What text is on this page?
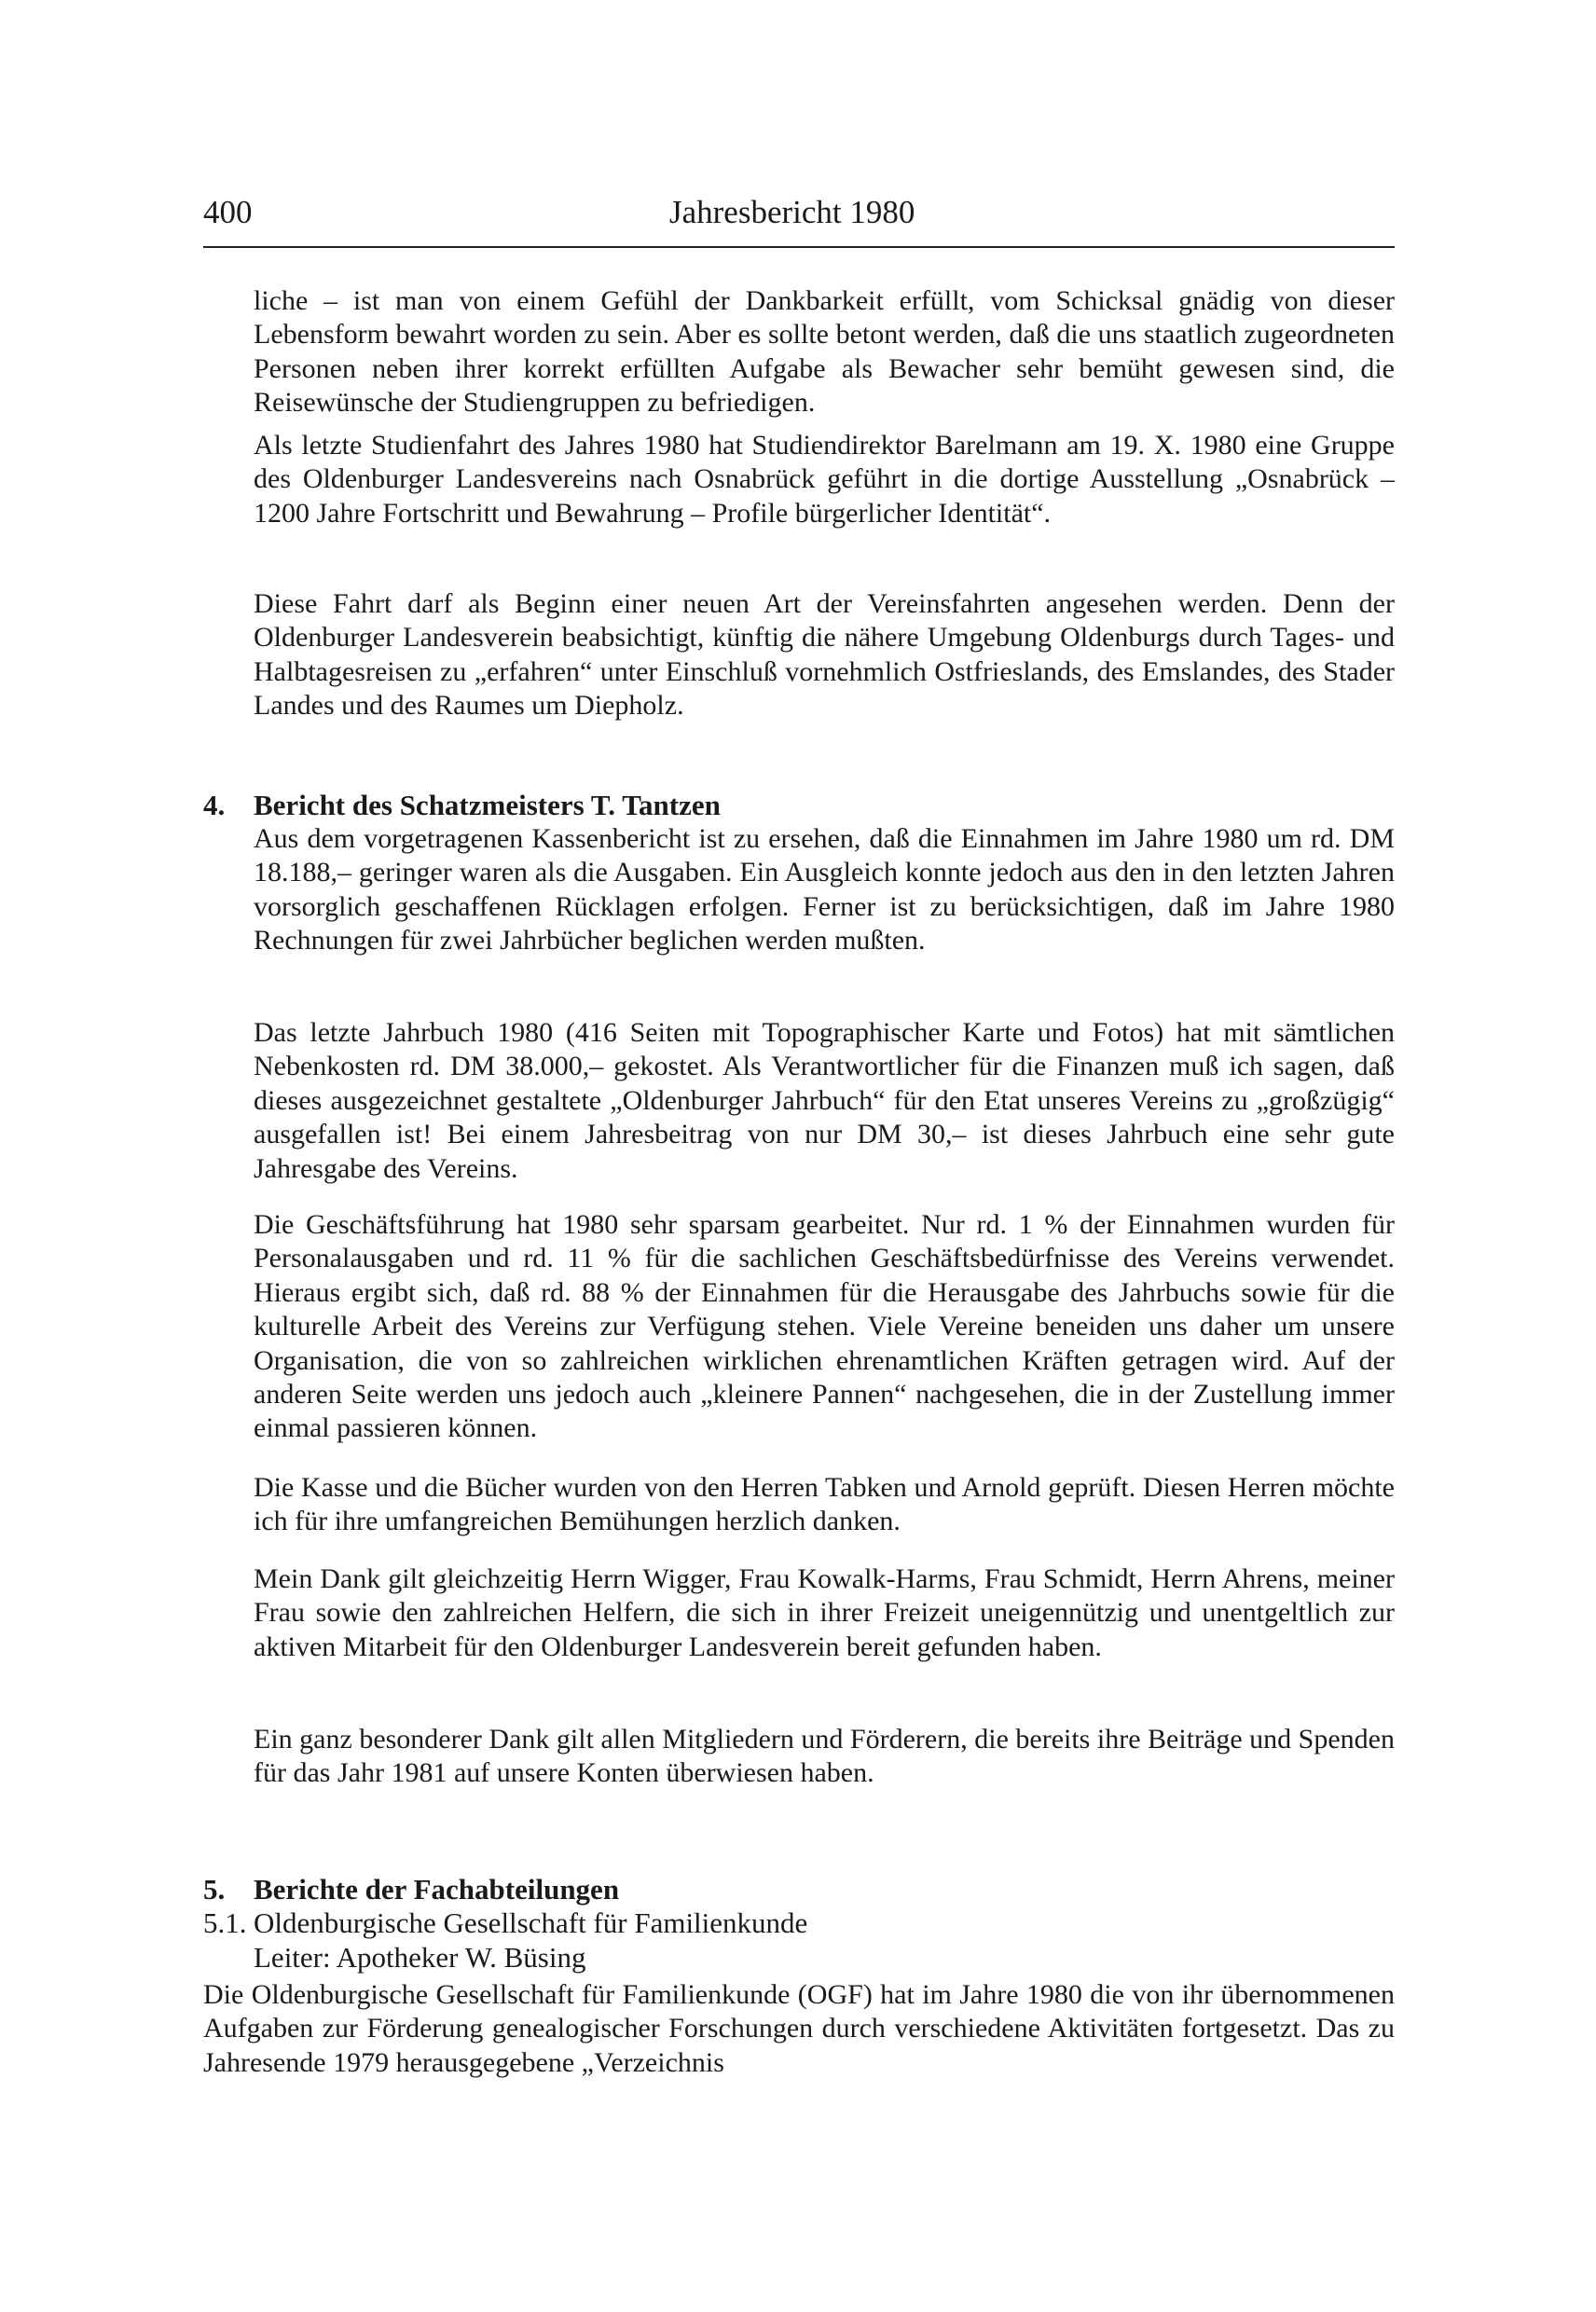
400	Jahresbericht 1980

liche – ist man von einem Gefühl der Dankbarkeit erfüllt, vom Schicksal gnädig von dieser Lebensform bewahrt worden zu sein. Aber es sollte betont werden, daß die uns staatlich zugeordneten Personen neben ihrer korrekt erfüllten Aufgabe als Bewacher sehr bemüht gewesen sind, die Reisewünsche der Studiengruppen zu befriedigen.

Als letzte Studienfahrt des Jahres 1980 hat Studiendirektor Barelmann am 19. X. 1980 eine Gruppe des Oldenburger Landesvereins nach Osnabrück geführt in die dortige Ausstellung „Osnabrück – 1200 Jahre Fortschritt und Bewahrung – Profile bürgerlicher Identität“.

Diese Fahrt darf als Beginn einer neuen Art der Vereinsfahrten angesehen werden. Denn der Oldenburger Landesverein beabsichtigt, künftig die nähere Umgebung Oldenburgs durch Tages- und Halbtagesreisen zu „erfahren“ unter Einschluß vornehmlich Ostfrieslands, des Emslandes, des Stader Landes und des Raumes um Diepholz.

4. Bericht des Schatzmeisters T. Tantzen

Aus dem vorgetragenen Kassenbericht ist zu ersehen, daß die Einnahmen im Jahre 1980 um rd. DM 18.188,– geringer waren als die Ausgaben. Ein Ausgleich konnte jedoch aus den in den letzten Jahren vorsorglich geschaffenen Rücklagen erfolgen. Ferner ist zu berücksichtigen, daß im Jahre 1980 Rechnungen für zwei Jahrbücher beglichen werden mußten.

Das letzte Jahrbuch 1980 (416 Seiten mit Topographischer Karte und Fotos) hat mit sämtlichen Nebenkosten rd. DM 38.000,– gekostet. Als Verantwortlicher für die Finanzen muß ich sagen, daß dieses ausgezeichnet gestaltete „Oldenburger Jahrbuch“ für den Etat unseres Vereins zu „großzügig“ ausgefallen ist! Bei einem Jahresbeitrag von nur DM 30,– ist dieses Jahrbuch eine sehr gute Jahresgabe des Vereins.

Die Geschäftsführung hat 1980 sehr sparsam gearbeitet. Nur rd. 1 % der Einnahmen wurden für Personalausgaben und rd. 11 % für die sachlichen Geschäftsbedürfnisse des Vereins verwendet. Hieraus ergibt sich, daß rd. 88 % der Einnahmen für die Herausgabe des Jahrbuchs sowie für die kulturelle Arbeit des Vereins zur Verfügung stehen. Viele Vereine beneiden uns daher um unsere Organisation, die von so zahlreichen wirklichen ehrenamtlichen Kräften getragen wird. Auf der anderen Seite werden uns jedoch auch „kleinere Pannen“ nachgesehen, die in der Zustellung immer einmal passieren können.

Die Kasse und die Bücher wurden von den Herren Tabken und Arnold geprüft. Diesen Herren möchte ich für ihre umfangreichen Bemühungen herzlich danken.

Mein Dank gilt gleichzeitig Herrn Wigger, Frau Kowalk-Harms, Frau Schmidt, Herrn Ahrens, meiner Frau sowie den zahlreichen Helfern, die sich in ihrer Freizeit uneigennützig und unentgeltlich zur aktiven Mitarbeit für den Oldenburger Landesverein bereit gefunden haben.

Ein ganz besonderer Dank gilt allen Mitgliedern und Förderern, die bereits ihre Beiträge und Spenden für das Jahr 1981 auf unsere Konten überwiesen haben.

5. Berichte der Fachabteilungen
5.1. Oldenburgische Gesellschaft für Familienkunde
Leiter: Apotheker W. Büsing

Die Oldenburgische Gesellschaft für Familienkunde (OGF) hat im Jahre 1980 die von ihr übernommenen Aufgaben zur Förderung genealogischer Forschungen durch verschiedene Aktivitäten fortgesetzt. Das zu Jahresende 1979 herausgegebene „Verzeichnis
